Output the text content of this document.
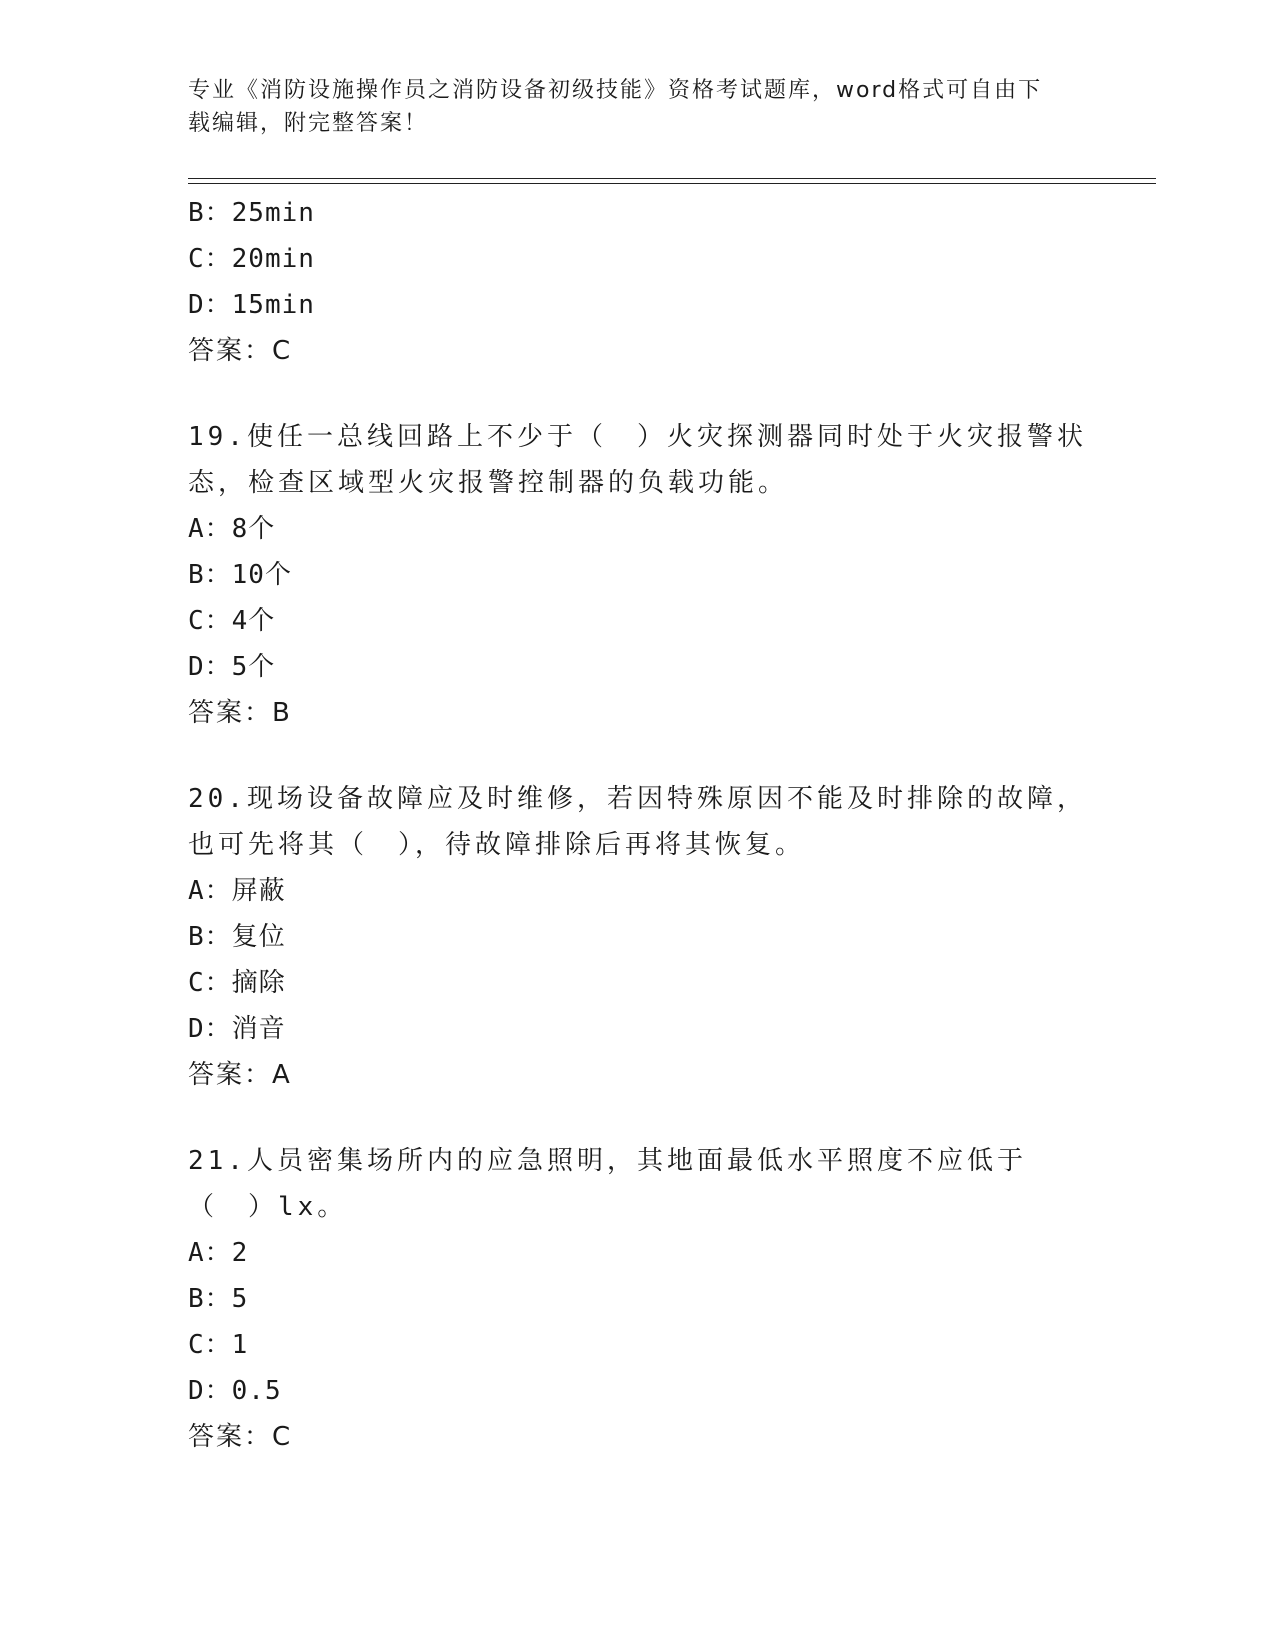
专业《消防设施操作员之消防设备初级技能》资格考试题库，word格式可自由下
载编辑，附完整答案！
B：25min
C：20min
D：15min
答案：C
19.使任一总线回路上不少于（　）火灾探测器同时处于火灾报警状态，检查区域型火灾报警控制器的负载功能。
A：8个
B：10个
C：4个
D：5个
答案：B
20.现场设备故障应及时维修，若因特殊原因不能及时排除的故障，也可先将其（　），待故障排除后再将其恢复。
A：屏蔽
B：复位
C：摘除
D：消音
答案：A
21.人员密集场所内的应急照明，其地面最低水平照度不应低于（　）lx。
A：2
B：5
C：1
D：0.5
答案：C
